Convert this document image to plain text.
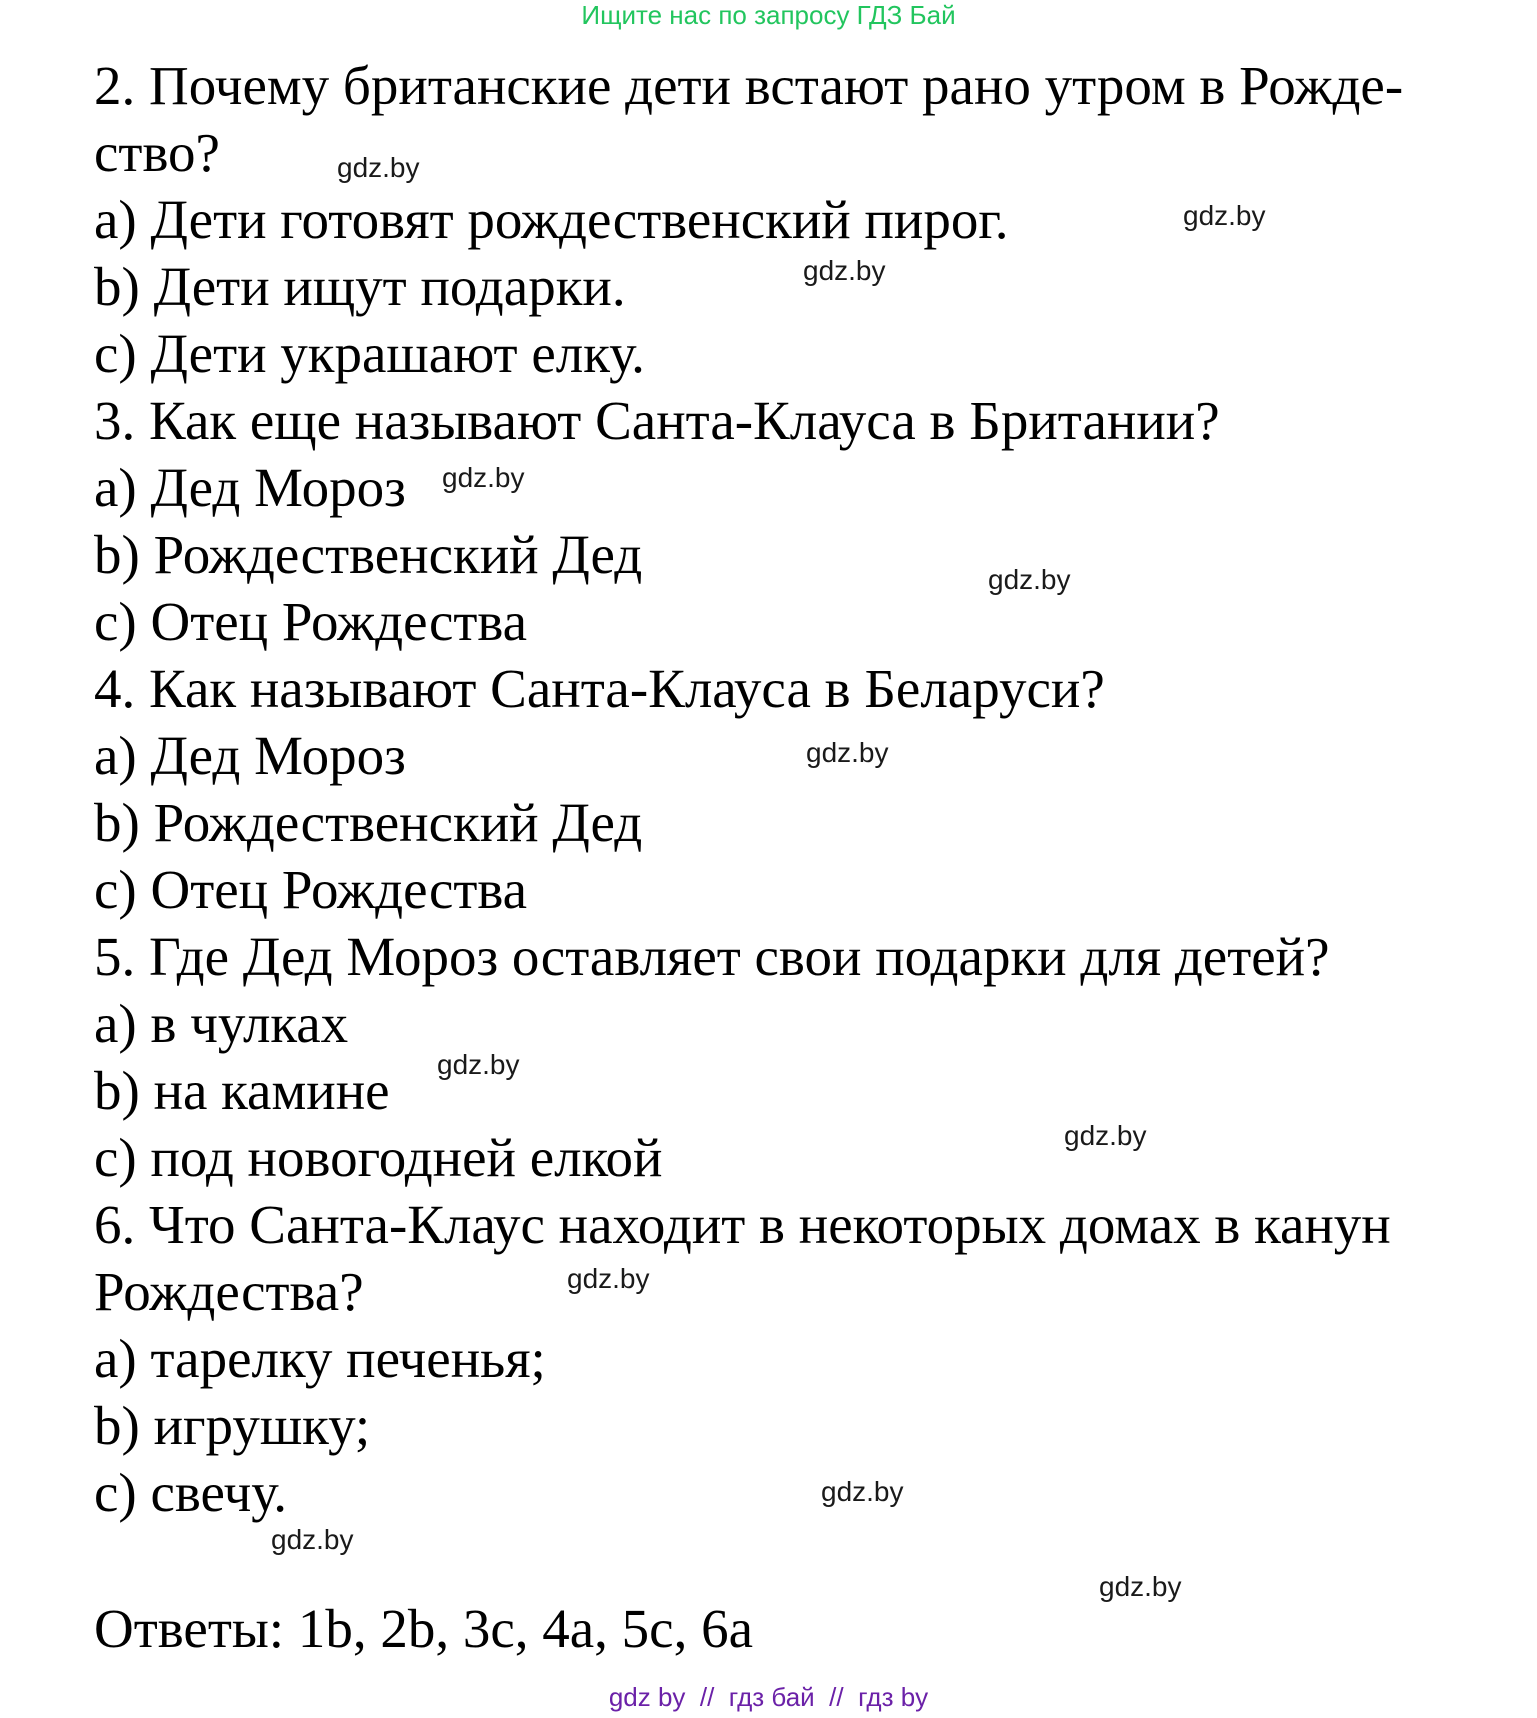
Ищите нас по запросу ГДЗ Бай
2. Почему британские дети встают рано утром в Рожде-
ство?
а) Дети готовят рождественский пирог.
b) Дети ищут подарки.
с) Дети украшают елку.
3. Как еще называют Санта-Клауса в Британии?
а) Дед Мороз
b) Рождественский Дед
с) Отец Рождества
4. Как называют Санта-Клауса в Беларуси?
а) Дед Мороз
b) Рождественский Дед
с) Отец Рождества
5. Где Дед Мороз оставляет свои подарки для детей?
а) в чулках
b) на камине
с) под новогодней елкой
6. Что Санта-Клаус находит в некоторых домах в канун
Рождества?
а) тарелку печенья;
b) игрушку;
с) свечу.
Ответы: 1b, 2b, 3c, 4a, 5c, 6a
gdz.by
gdz.by
gdz.by
gdz.by
gdz.by
gdz.by
gdz.by
gdz.by
gdz.by
gdz.by
gdz.by
gdz.by
gdz by // гдз бай // гдз by
